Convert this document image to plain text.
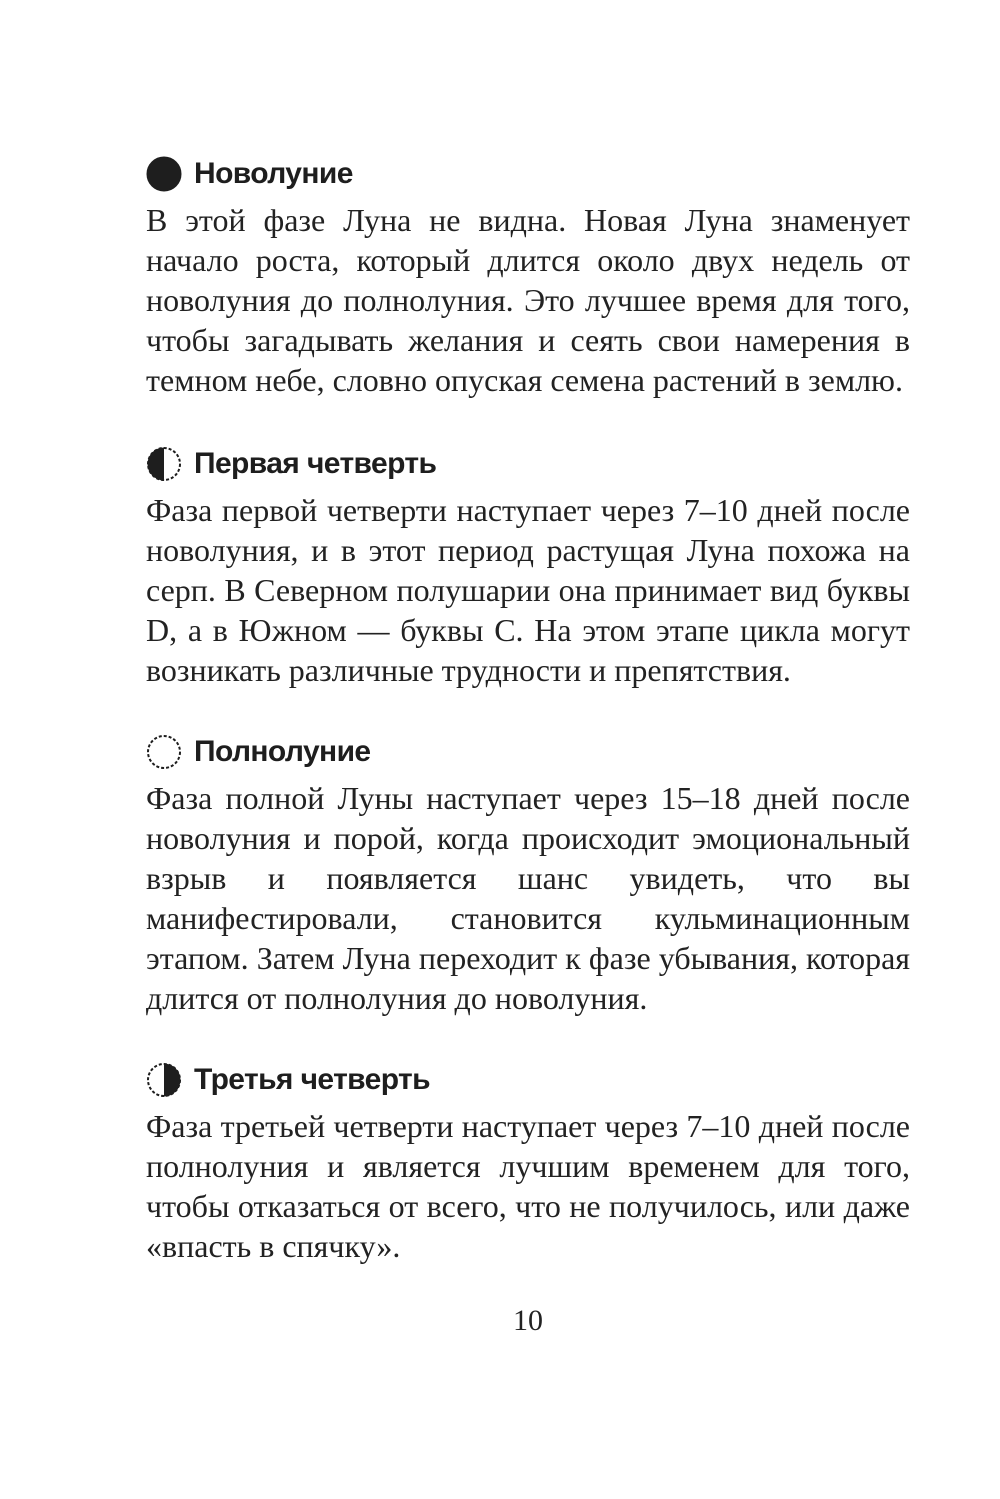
Новолуние

В этой фазе Луна не видна. Новая Луна знаменует начало роста, который длится около двух недель от новолуния до полнолуния. Это лучшее время для того, чтобы загадывать желания и сеять свои намерения в темном небе, словно опуская семена растений в землю.

Первая четверть

Фаза первой четверти наступает через 7–10 дней после новолуния, и в этот период растущая Луна похожа на серп. В Северном полушарии она принимает вид буквы D, а в Южном — буквы С. На этом этапе цикла могут возникать различные трудности и препятствия.

Полнолуние

Фаза полной Луны наступает через 15–18 дней после новолуния и порой, когда происходит эмоциональный взрыв и появляется шанс увидеть, что вы манифестировали, становится кульминационным этапом. Затем Луна переходит к фазе убывания, которая длится от полнолуния до новолуния.

Третья четверть

Фаза третьей четверти наступает через 7–10 дней после полнолуния и является лучшим временем для того, чтобы отказаться от всего, что не получилось, или даже «впасть в спячку».

10
